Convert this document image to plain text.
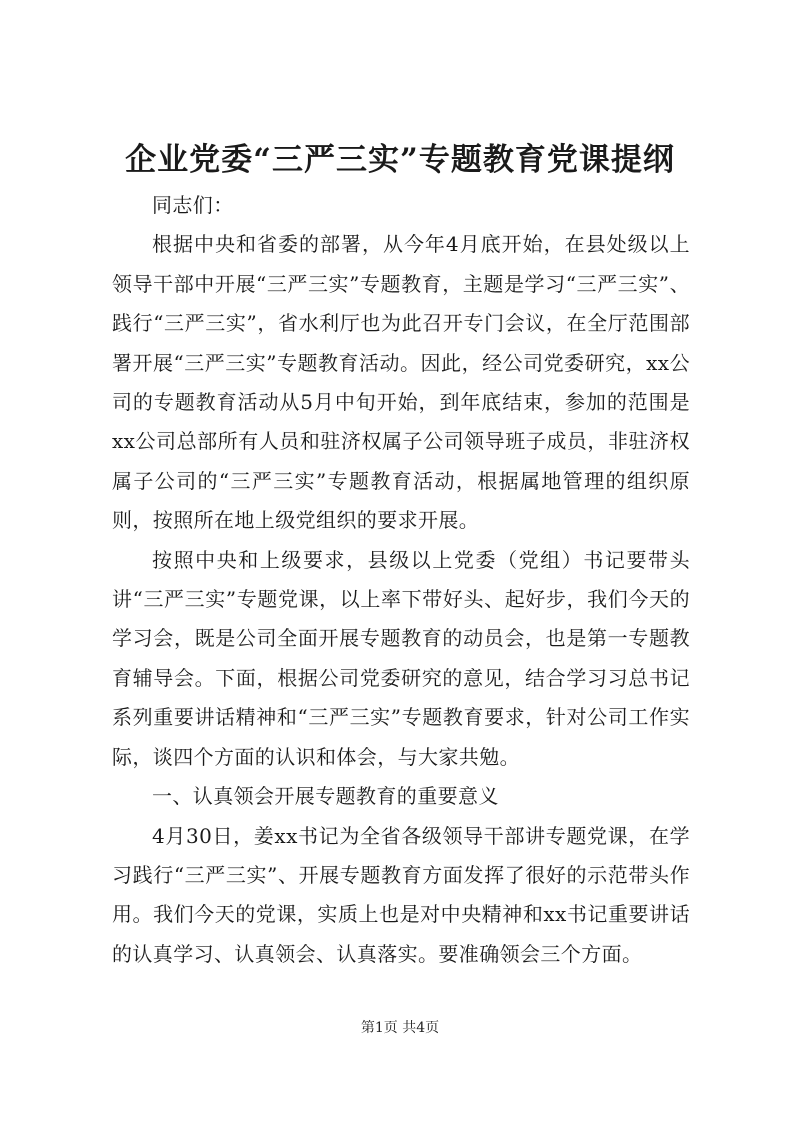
企业党委“三严三实”专题教育党课提纲

同志们：

根据中央和省委的部署，从今年4月底开始，在县处级以上领导干部中开展“三严三实”专题教育，主题是学习“三严三实”、践行“三严三实”，省水利厅也为此召开专门会议，在全厅范围部署开展“三严三实”专题教育活动。因此，经公司党委研究，xx公司的专题教育活动从5月中旬开始，到年底结束，参加的范围是xx公司总部所有人员和驻济权属子公司领导班子成员，非驻济权属子公司的“三严三实”专题教育活动，根据属地管理的组织原则，按照所在地上级党组织的要求开展。

按照中央和上级要求，县级以上党委（党组）书记要带头讲“三严三实”专题党课，以上率下带好头、起好步，我们今天的学习会，既是公司全面开展专题教育的动员会，也是第一专题教育辅导会。下面，根据公司党委研究的意见，结合学习习总书记系列重要讲话精神和“三严三实”专题教育要求，针对公司工作实际，谈四个方面的认识和体会，与大家共勉。

一、认真领会开展专题教育的重要意义

4月30日，姜xx书记为全省各级领导干部讲专题党课，在学习践行“三严三实”、开展专题教育方面发挥了很好的示范带头作用。我们今天的党课，实质上也是对中央精神和xx书记重要讲话的认真学习、认真领会、认真落实。要准确领会三个方面。

第1页 共4页
